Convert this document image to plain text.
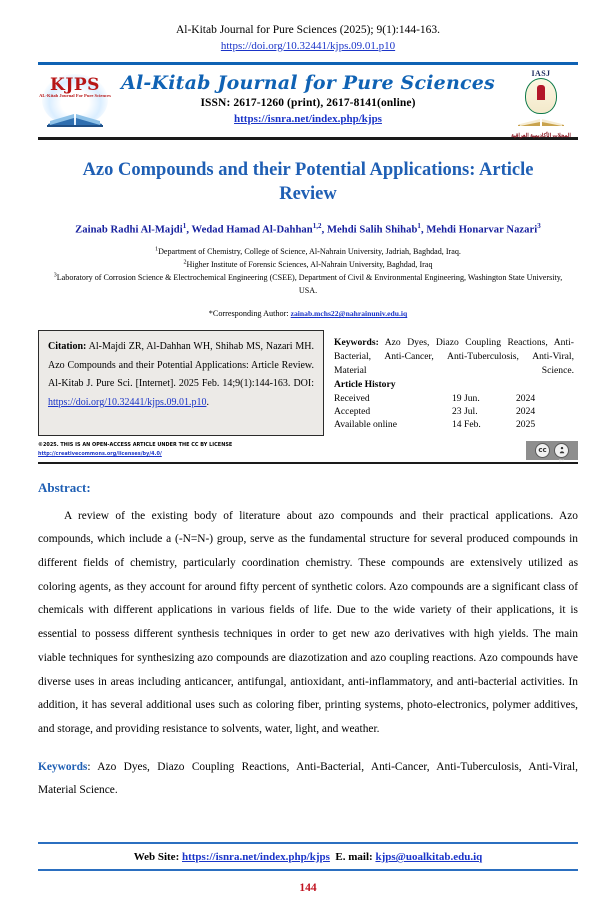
Al-Kitab Journal for Pure Sciences (2025); 9(1):144-163.
https://doi.org/10.32441/kjps.09.01.p10
KJPS
AL-Kitab Journal For Pure Sciences
Al-Kitab Journal for Pure Sciences
ISSN: 2617-1260 (print), 2617-8141(online)
https://isnra.net/index.php/kjps
IASJ
المجلات الأكاديمية العراقية
Azo Compounds and their Potential Applications: Article Review
Zainab Radhi Al-Majdi$^1$, Wedad Hamad Al-Dahhan$^{1,2}$, Mehdi Salih Shihab$^1$, Mehdi Honarvar Nazari$^3$
$^1$Department of Chemistry, College of Science, Al-Nahrain University, Jadriah, Baghdad, Iraq.
$^2$Higher Institute of Forensic Sciences, Al-Nahrain University, Baghdad, Iraq
$^3$Laboratory of Corrosion Science & Electrochemical Engineering (CSEE), Department of Civil & Environmental Engineering, Washington State University, USA.
*Corresponding Author: zainab.mchs22@nahrainuniv.edu.iq
Citation: Al-Majdi ZR, Al-Dahhan WH, Shihab MS, Nazari MH. Azo Compounds and their Potential Applications: Article Review. Al-Kitab J. Pure Sci. [Internet]. 2025 Feb. 14;9(1):144-163. DOI: https://doi.org/10.32441/kjps.09.01.p10.
Keywords: Azo Dyes, Diazo Coupling Reactions, Anti-Bacterial, Anti-Cancer, Anti-Tuberculosis, Anti-Viral, Material Science.
Article History
Received	19 Jun.	2024
Accepted	23 Jul.	2024
Available online	14 Feb.	2025
©2025. THIS IS AN OPEN-ACCESS ARTICLE UNDER THE CC BY LICENSE
http://creativecommons.org/licenses/by/4.0/	cc
BY
Abstract:
A review of the existing body of literature about azo compounds and their practical applications. Azo compounds, which include a (-N=N-) group, serve as the fundamental structure for several produced compounds in different fields of chemistry, particularly coordination chemistry. These compounds are extensively utilized as coloring agents, as they account for around fifty percent of synthetic colors. Azo compounds are a significant class of chemicals with different applications in various fields of life. Due to the wide variety of their applications, it is essential to possess different synthesis techniques in order to get new azo derivatives with high yields. The main viable techniques for synthesizing azo compounds are diazotization and azo coupling reactions. Azo compounds have diverse uses in areas including anticancer, antifungal, antioxidant, anti-inflammatory, and anti-bacterial activities. In addition, it has several additional uses such as coloring fiber, printing systems, photo-electronics, polymer additives, and storage, and providing resistance to solvents, water, light, and weather.
Keywords: Azo Dyes, Diazo Coupling Reactions, Anti-Bacterial, Anti-Cancer, Anti-Tuberculosis, Anti-Viral, Material Science.
Web Site: https://isnra.net/index.php/kjps E. mail: kjps@uoalkitab.edu.iq
144
